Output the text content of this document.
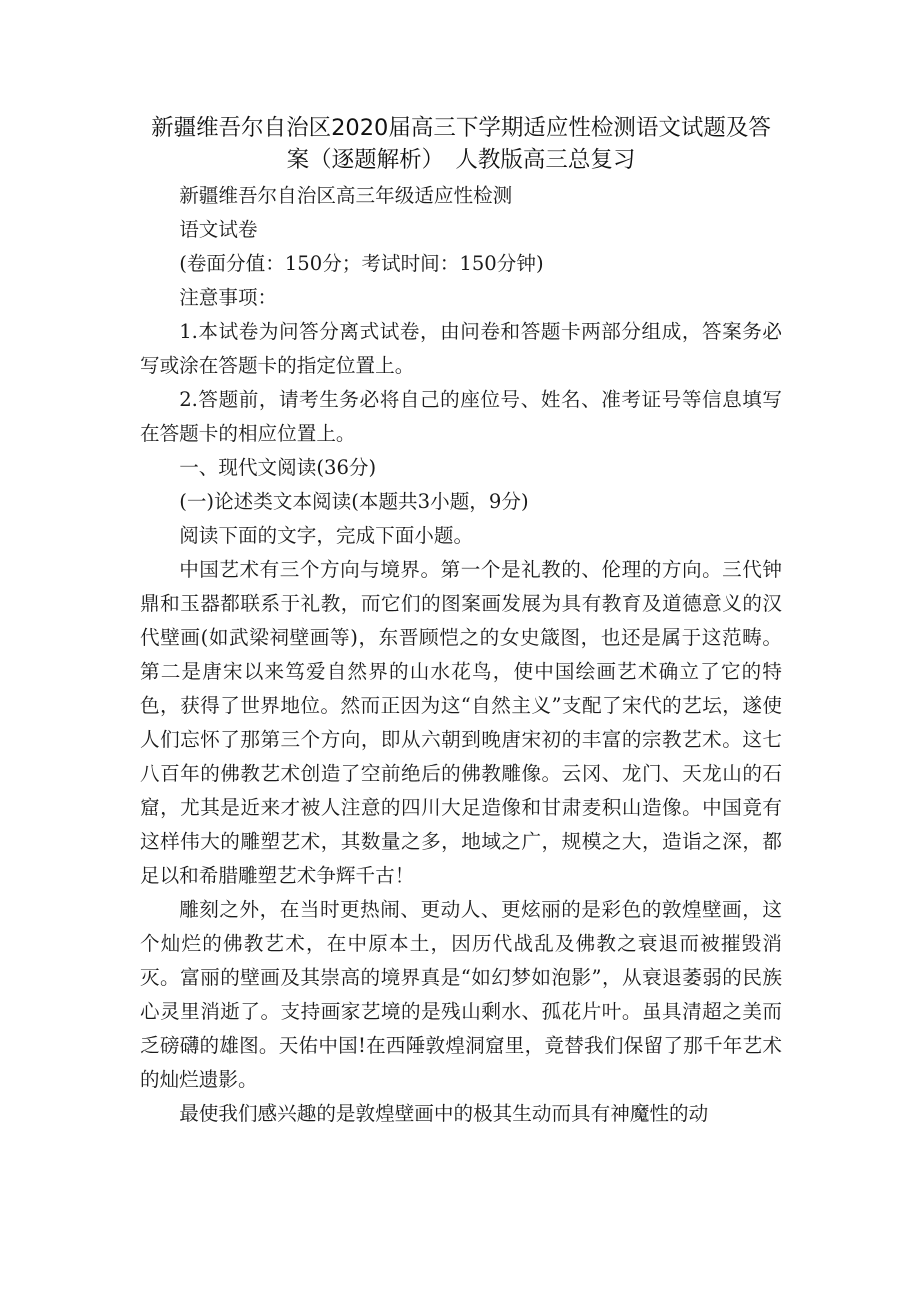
新疆维吾尔自治区2020届高三下学期适应性检测语文试题及答
案（逐题解析）　人教版高三总复习

新疆维吾尔自治区高三年级适应性检测

语文试卷

(卷面分值：150分；考试时间：150分钟)

注意事项：

1.本试卷为问答分离式试卷，由问卷和答题卡两部分组成，答案务必写或涂在答题卡的指定位置上。

2.答题前，请考生务必将自己的座位号、姓名、准考证号等信息填写在答题卡的相应位置上。

一、现代文阅读(36分)

(一)论述类文本阅读(本题共3小题，9分)

阅读下面的文字，完成下面小题。

中国艺术有三个方向与境界。第一个是礼教的、伦理的方向。三代钟鼎和玉器都联系于礼教，而它们的图案画发展为具有教育及道德意义的汉代壁画(如武梁祠壁画等)，东晋顾恺之的女史箴图，也还是属于这范畴。第二是唐宋以来笃爱自然界的山水花鸟，使中国绘画艺术确立了它的特色，获得了世界地位。然而正因为这“自然主义”支配了宋代的艺坛，遂使人们忘怀了那第三个方向，即从六朝到晚唐宋初的丰富的宗教艺术。这七八百年的佛教艺术创造了空前绝后的佛教雕像。云冈、龙门、天龙山的石窟，尤其是近来才被人注意的四川大足造像和甘肃麦积山造像。中国竟有这样伟大的雕塑艺术，其数量之多，地域之广，规模之大，造诣之深，都足以和希腊雕塑艺术争辉千古！

雕刻之外，在当时更热闹、更动人、更炫丽的是彩色的敦煌壁画，这个灿烂的佛教艺术，在中原本土，因历代战乱及佛教之衰退而被摧毁消灭。富丽的壁画及其崇高的境界真是“如幻梦如泡影”，从衰退萎弱的民族心灵里消逝了。支持画家艺境的是残山剩水、孤花片叶。虽具清超之美而乏磅礴的雄图。天佑中国!在西陲敦煌洞窟里，竟替我们保留了那千年艺术的灿烂遗影。

最使我们感兴趣的是敦煌壁画中的极其生动而具有神魔性的动
